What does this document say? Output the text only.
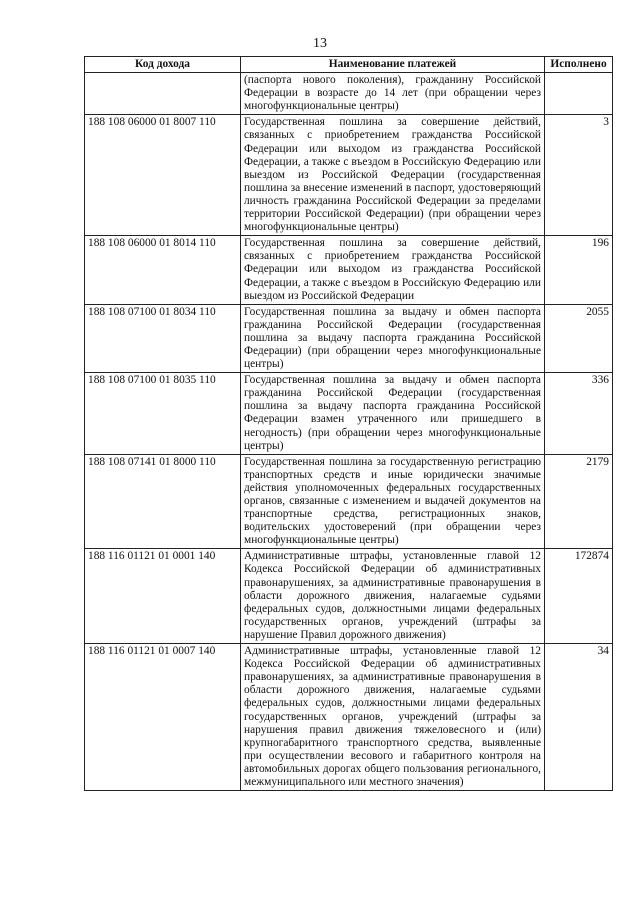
13
Код дохода	Наименование платежей	Исполнено
	(паспорта нового поколения), гражданину Российской Федерации в возрасте до 14 лет (при обращении через многофункциональные центры)	
188 108 06000 01 8007 110	Государственная пошлина за совершение действий, связанных с приобретением гражданства Российской Федерации или выходом из гражданства Российской Федерации, а также с въездом в Российскую Федерацию или выездом из Российской Федерации (государственная пошлина за внесение изменений в паспорт, удостоверяющий личность гражданина Российской Федерации за пределами территории Российской Федерации) (при обращении через многофункциональные центры)	3
188 108 06000 01 8014 110	Государственная пошлина за совершение действий, связанных с приобретением гражданства Российской Федерации или выходом из гражданства Российской Федерации, а также с въездом в Российскую Федерацию или выездом из Российской Федерации	196
188 108 07100 01 8034 110	Государственная пошлина за выдачу и обмен паспорта гражданина Российской Федерации (государственная пошлина за выдачу паспорта гражданина Российской Федерации) (при обращении через многофункциональные центры)	2055
188 108 07100 01 8035 110	Государственная пошлина за выдачу и обмен паспорта гражданина Российской Федерации (государственная пошлина за выдачу паспорта гражданина Российской Федерации взамен утраченного или пришедшего в негодность) (при обращении через многофункциональные центры)	336
188 108 07141 01 8000 110	Государственная пошлина за государственную регистрацию транспортных средств и иные юридически значимые действия уполномоченных федеральных государственных органов, связанные с изменением и выдачей документов на транспортные средства, регистрационных знаков, водительских удостоверений (при обращении через многофункциональные центры)	2179
188 116 01121 01 0001 140	Административные штрафы, установленные главой 12 Кодекса Российской Федерации об административных правонарушениях, за административные правонарушения в области дорожного движения, налагаемые судьями федеральных судов, должностными лицами федеральных государственных органов, учреждений (штрафы за нарушение Правил дорожного движения)	172874
188 116 01121 01 0007 140	Административные штрафы, установленные главой 12 Кодекса Российской Федерации об административных правонарушениях, за административные правонарушения в области дорожного движения, налагаемые судьями федеральных судов, должностными лицами федеральных государственных органов, учреждений (штрафы за нарушения правил движения тяжеловесного и (или) крупногабаритного транспортного средства, выявленные при осуществлении весового и габаритного контроля на автомобильных дорогах общего пользования регионального, межмуниципального или местного значения)	34
